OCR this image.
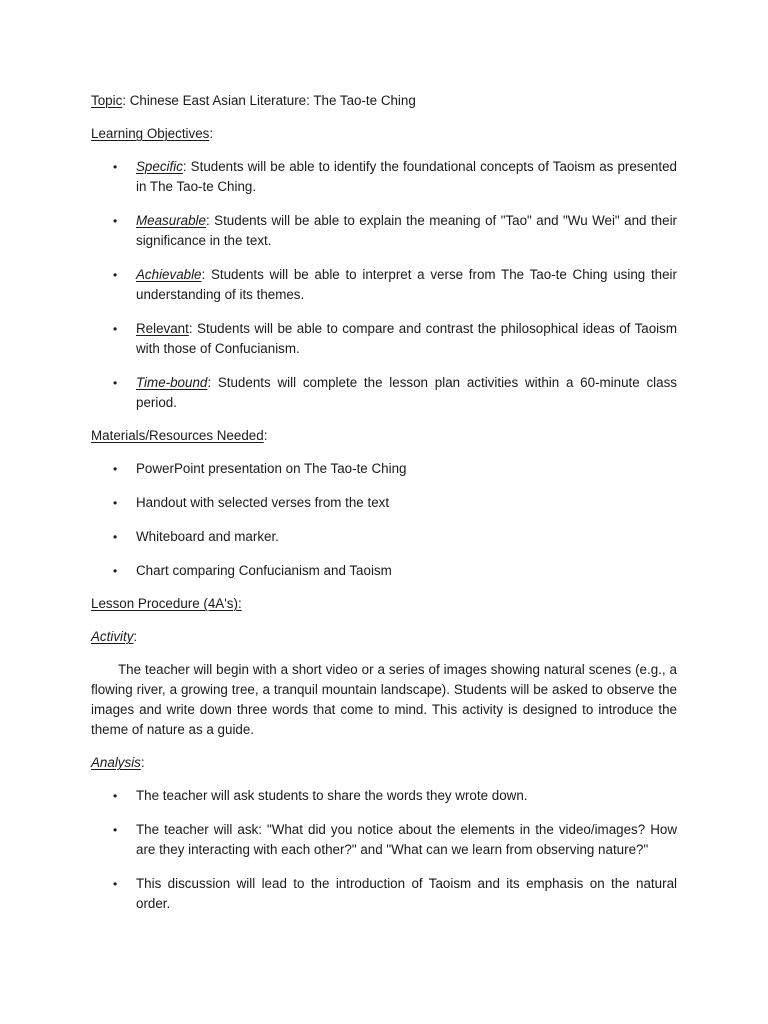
Topic: Chinese East Asian Literature: The Tao-te Ching

Learning Objectives:

• Specific: Students will be able to identify the foundational concepts of Taoism as presented in The Tao-te Ching.
• Measurable: Students will be able to explain the meaning of "Tao" and "Wu Wei" and their significance in the text.
• Achievable: Students will be able to interpret a verse from The Tao-te Ching using their understanding of its themes.
• Relevant: Students will be able to compare and contrast the philosophical ideas of Taoism with those of Confucianism.
• Time-bound: Students will complete the lesson plan activities within a 60-minute class period.

Materials/Resources Needed:

• PowerPoint presentation on The Tao-te Ching
• Handout with selected verses from the text
• Whiteboard and marker.
• Chart comparing Confucianism and Taoism

Lesson Procedure (4A's):

Activity:

The teacher will begin with a short video or a series of images showing natural scenes (e.g., a flowing river, a growing tree, a tranquil mountain landscape). Students will be asked to observe the images and write down three words that come to mind. This activity is designed to introduce the theme of nature as a guide.

Analysis:

• The teacher will ask students to share the words they wrote down.
• The teacher will ask: "What did you notice about the elements in the video/images? How are they interacting with each other?" and "What can we learn from observing nature?"
• This discussion will lead to the introduction of Taoism and its emphasis on the natural order.
